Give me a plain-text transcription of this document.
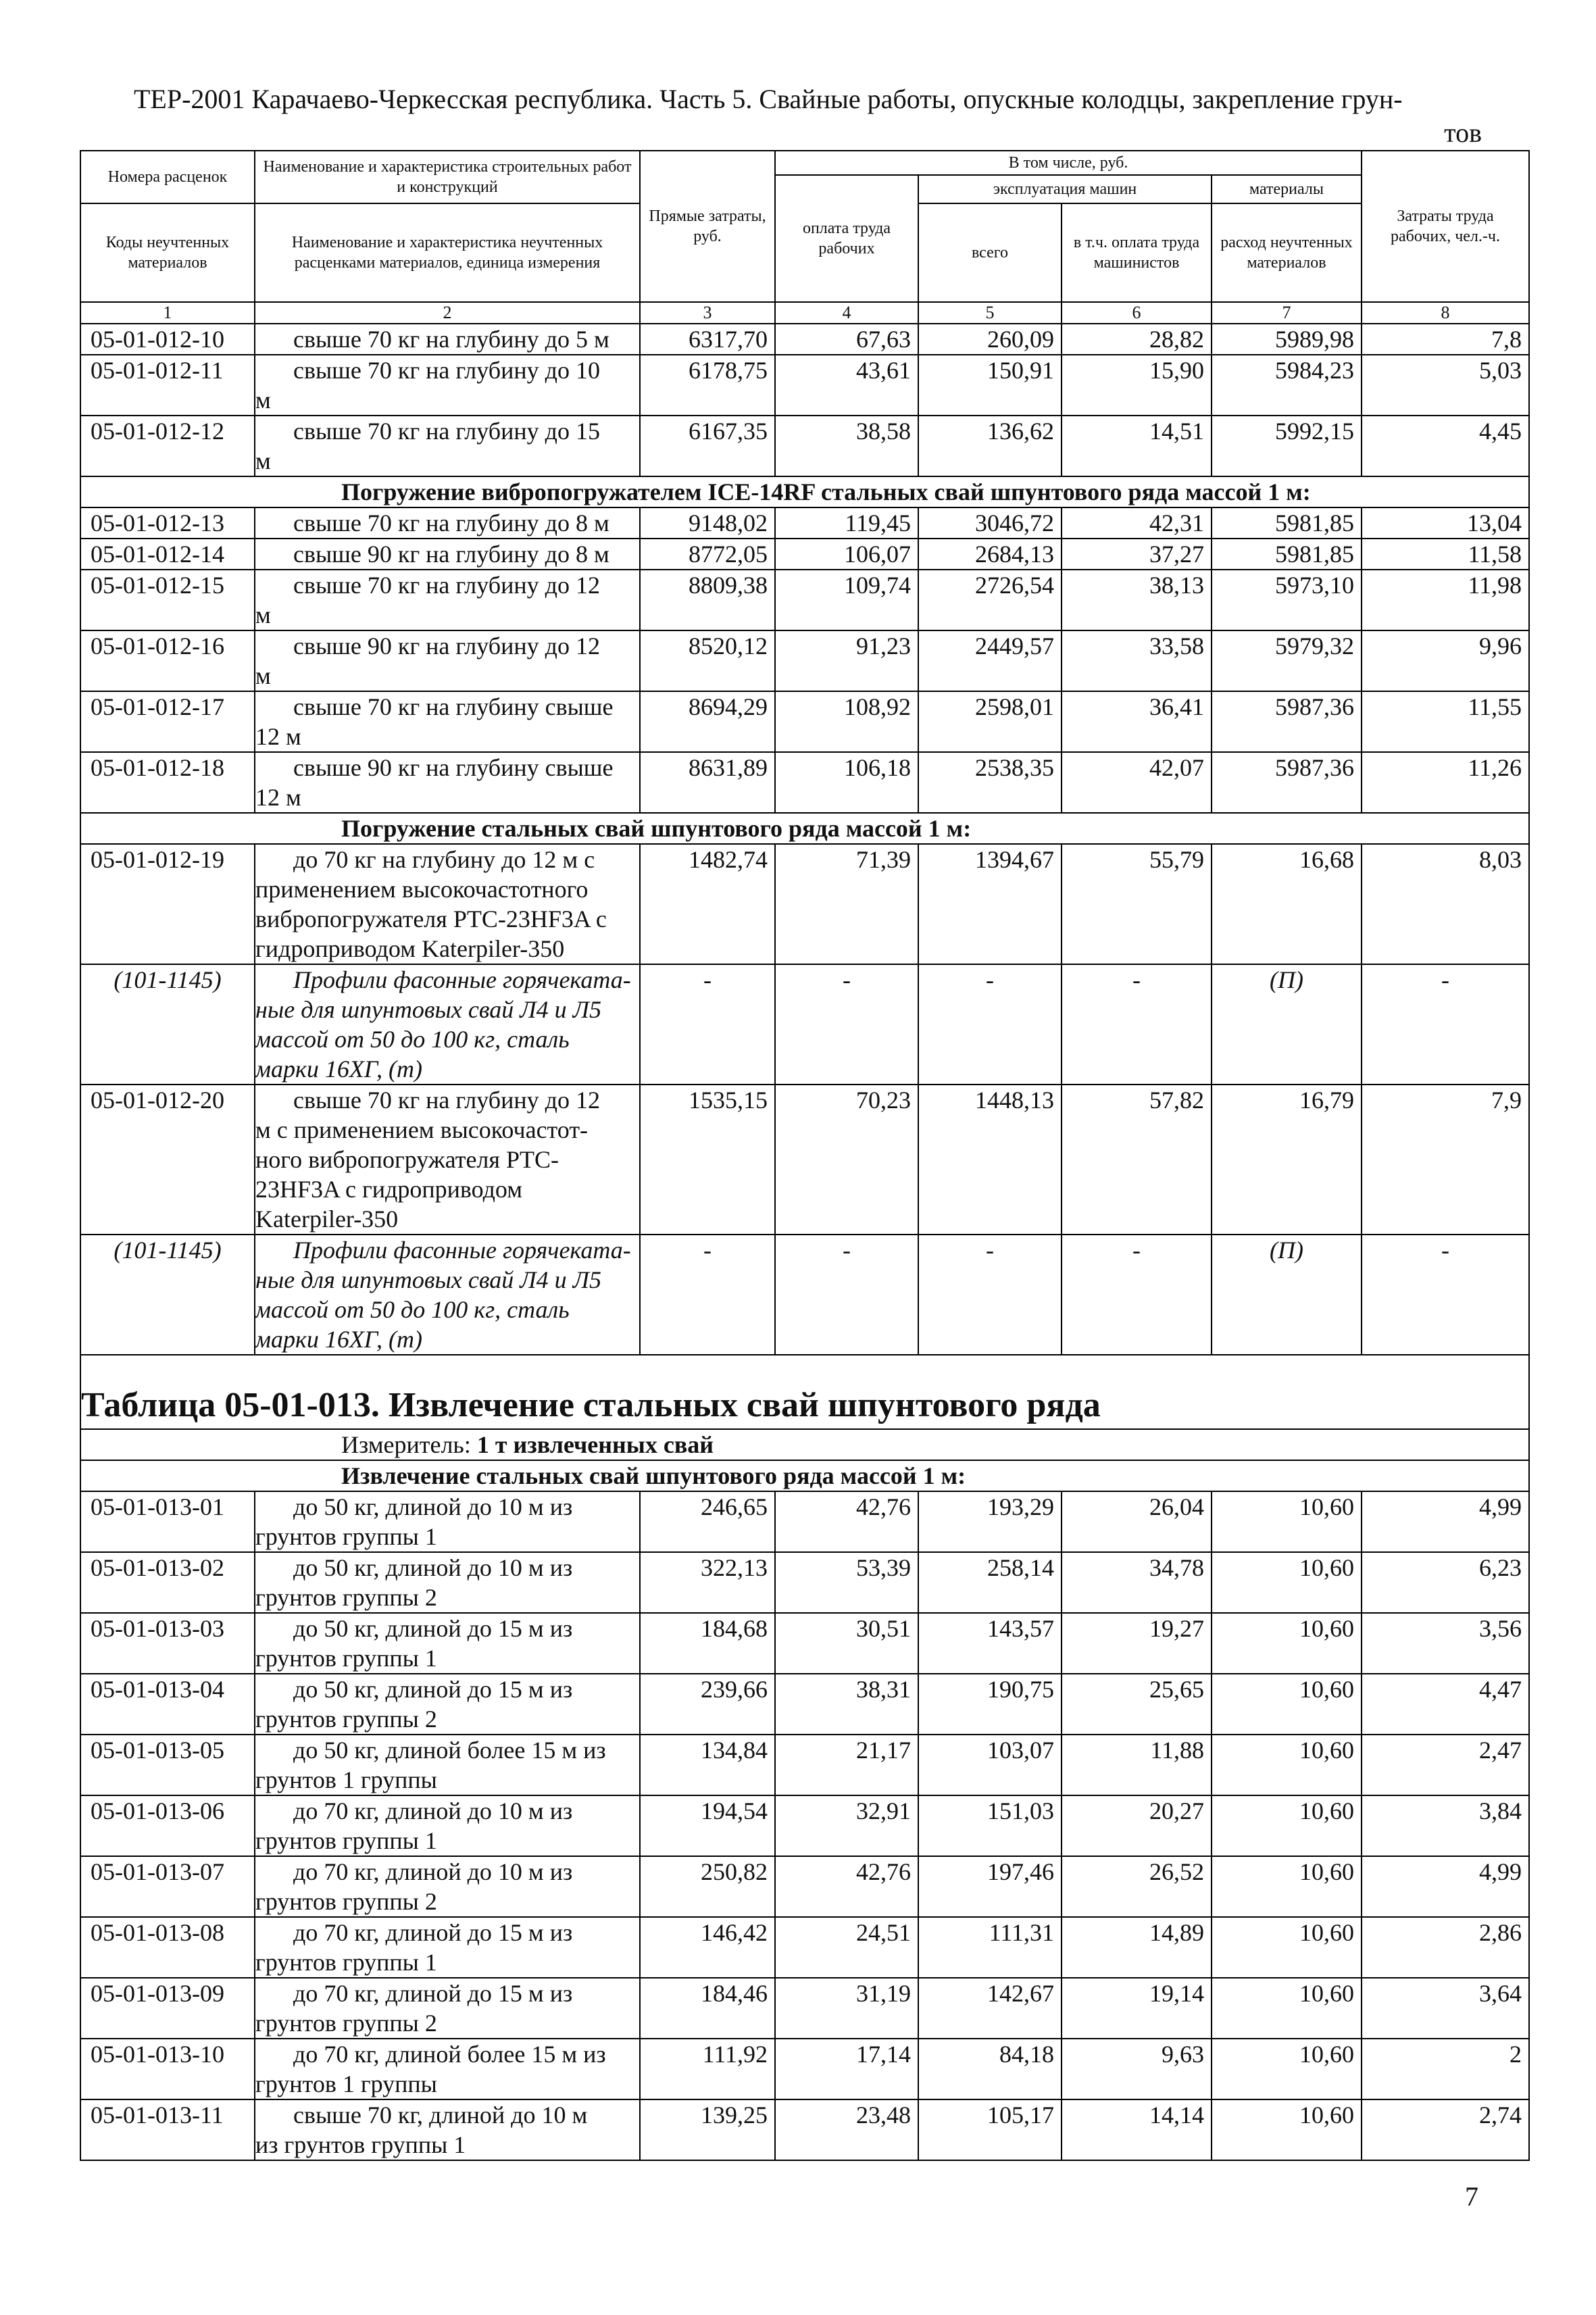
ТЕР-2001 Карачаево-Черкесская республика. Часть 5. Свайные работы, опускные колодцы, закрепление грун-
тов
Номера расценок	Наименование и характеристика строительных работ и конструкций	Прямые затраты, руб.	В том числе, руб.				Затраты труда рабочих, чел.-ч.
			оплата труда рабочих	эксплуатация машин		материалы	
Коды неучтенных материалов	Наименование и характеристика неучтенных расценками материалов, единица измерения			всего	в т.ч. оплата труда машинистов	расход неучтенных материалов	

1	2	3	4	5	6	7	8
05-01-012-10	свыше 70 кг на глубину до 5 м	6317,70	67,63	260,09	28,82	5989,98	7,8
05-01-012-11	свыше 70 кг на глубину до 10
м	6178,75	43,61	150,91	15,90	5984,23	5,03
05-01-012-12	свыше 70 кг на глубину до 15
м	6167,35	38,58	136,62	14,51	5992,15	4,45
Погружение вибропогружателем ICE-14RF стальных свай шпунтового ряда массой 1 м:							
05-01-012-13	свыше 70 кг на глубину до 8 м	9148,02	119,45	3046,72	42,31	5981,85	13,04
05-01-012-14	свыше 90 кг на глубину до 8 м	8772,05	106,07	2684,13	37,27	5981,85	11,58
05-01-012-15	свыше 70 кг на глубину до 12
м	8809,38	109,74	2726,54	38,13	5973,10	11,98
05-01-012-16	свыше 90 кг на глубину до 12
м	8520,12	91,23	2449,57	33,58	5979,32	9,96
05-01-012-17	свыше 70 кг на глубину свыше
12 м	8694,29	108,92	2598,01	36,41	5987,36	11,55
05-01-012-18	свыше 90 кг на глубину свыше
12 м	8631,89	106,18	2538,35	42,07	5987,36	11,26
Погружение стальных свай шпунтового ряда массой 1 м:							
05-01-012-19	до 70 кг на глубину до 12 м с
применением высокочастотного
вибропогружателя PTC-23HF3A с
гидроприводом Katerpiler-350	1482,74	71,39	1394,67	55,79	16,68	8,03
(101-1145)	Профили фасонные горячеката-
ные для шпунтовых свай Л4 и Л5
массой от 50 до 100 кг, сталь
марки 16ХГ, (т)	-	-	-	-	(П)	-

05-01-012-20	свыше 70 кг на глубину до 12
м с применением высокочастот-
ного вибропогружателя PTC-
23HF3A с гидроприводом
Katerpiler-350	1535,15	70,23	1448,13	57,82	16,79	7,9
(101-1145)	Профили фасонные горячеката-
ные для шпунтовых свай Л4 и Л5
массой от 50 до 100 кг, сталь
марки 16ХГ, (т)	-	-	-	-	(П)	-

Таблица 05-01-013. Извлечение стальных свай шпунтового ряда							
Измеритель: 1 т извлеченных свай							
Извлечение стальных свай шпунтового ряда массой 1 м:							
05-01-013-01	до 50 кг, длиной до 10 м из
грунтов группы 1	246,65	42,76	193,29	26,04	10,60	4,99
05-01-013-02	до 50 кг, длиной до 10 м из
грунтов группы 2	322,13	53,39	258,14	34,78	10,60	6,23
05-01-013-03	до 50 кг, длиной до 15 м из
грунтов группы 1	184,68	30,51	143,57	19,27	10,60	3,56
05-01-013-04	до 50 кг, длиной до 15 м из
грунтов группы 2	239,66	38,31	190,75	25,65	10,60	4,47
05-01-013-05	до 50 кг, длиной более 15 м из
грунтов 1 группы	134,84	21,17	103,07	11,88	10,60	2,47
05-01-013-06	до 70 кг, длиной до 10 м из
грунтов группы 1	194,54	32,91	151,03	20,27	10,60	3,84
05-01-013-07	до 70 кг, длиной до 10 м из
грунтов группы 2	250,82	42,76	197,46	26,52	10,60	4,99
05-01-013-08	до 70 кг, длиной до 15 м из
грунтов группы 1	146,42	24,51	111,31	14,89	10,60	2,86
05-01-013-09	до 70 кг, длиной до 15 м из
грунтов группы 2	184,46	31,19	142,67	19,14	10,60	3,64
05-01-013-10	до 70 кг, длиной более 15 м из
грунтов 1 группы	111,92	17,14	84,18	9,63	10,60	2
05-01-013-11	свыше 70 кг, длиной до 10 м
из грунтов группы 1	139,25	23,48	105,17	14,14	10,60	2,74
7
